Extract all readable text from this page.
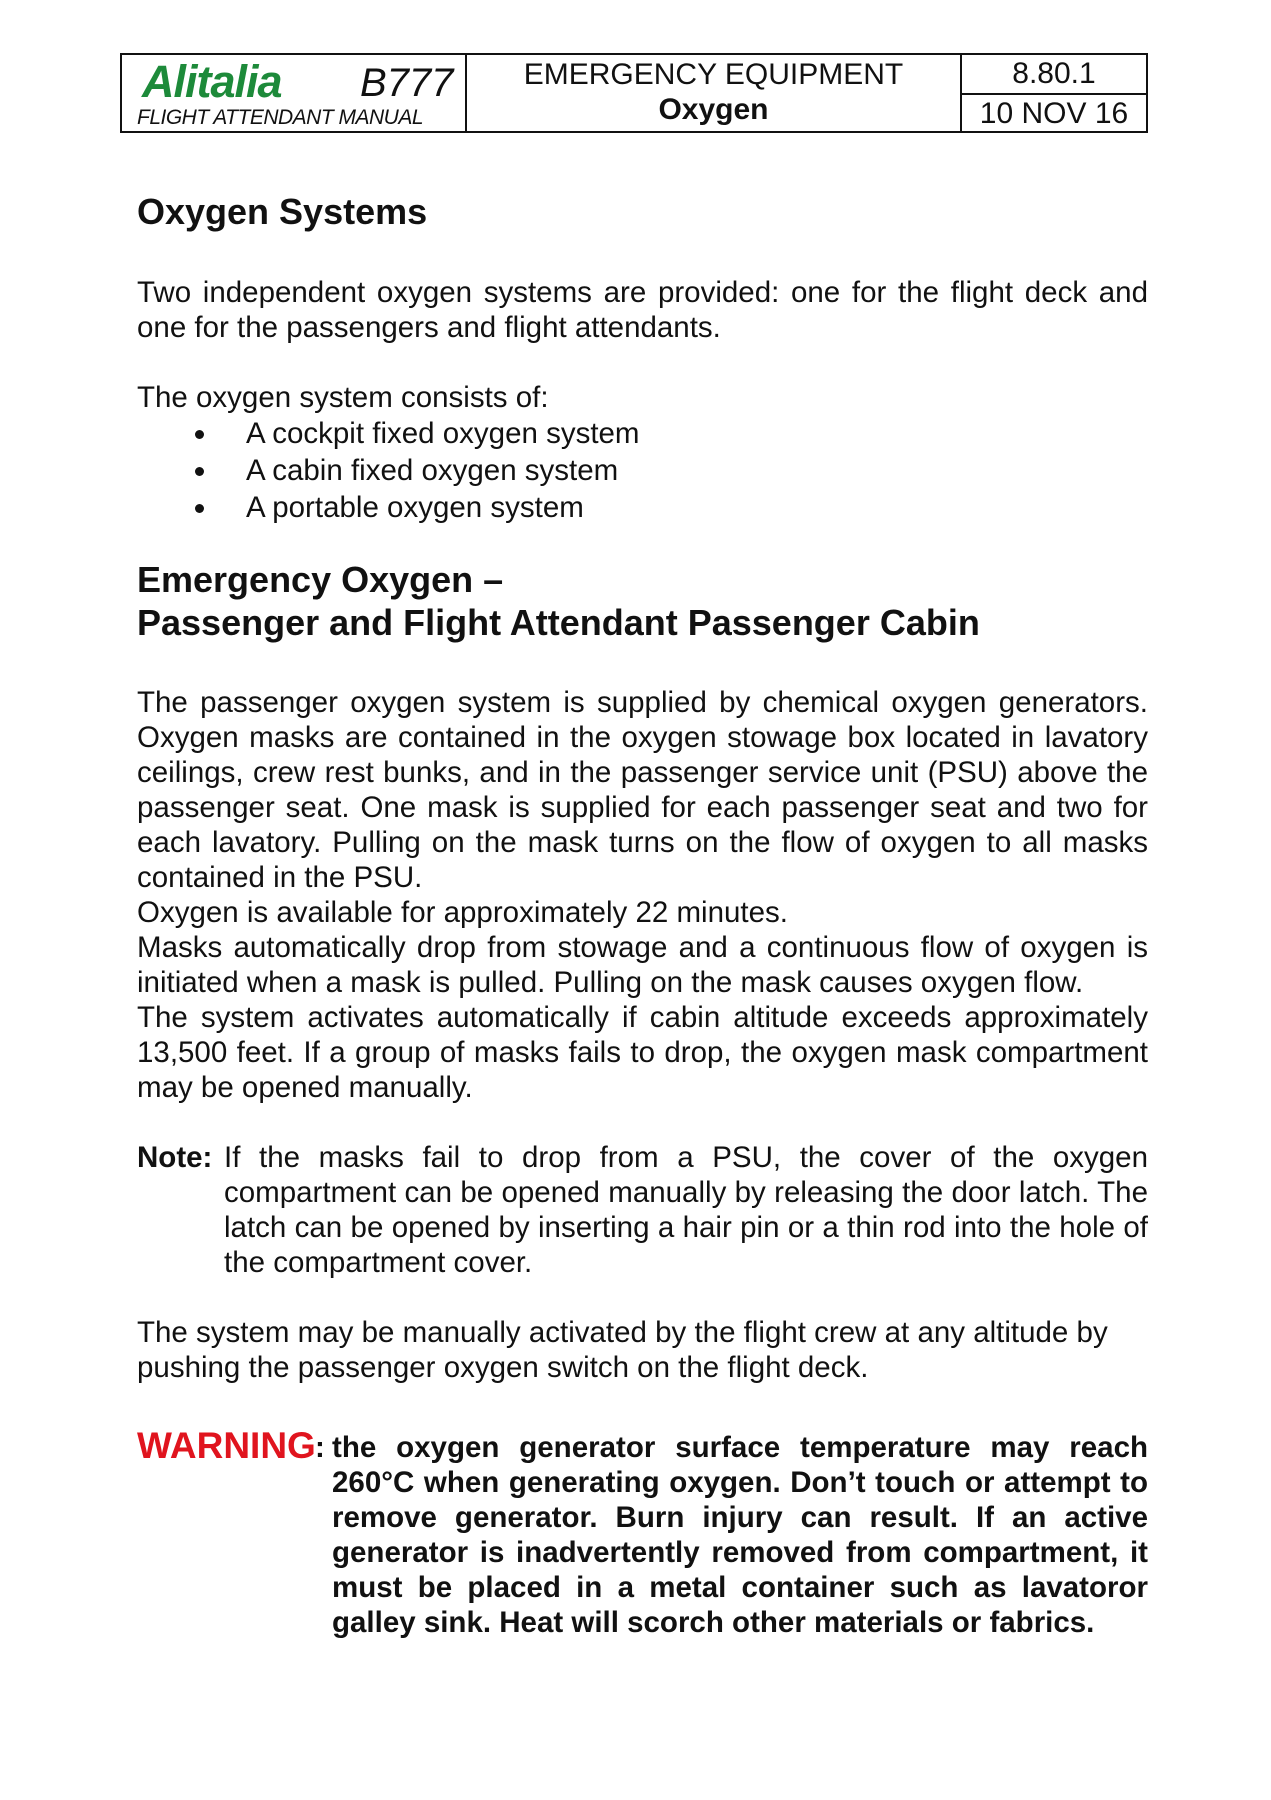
Alitalia B777
FLIGHT ATTENDANT MANUAL
EMERGENCY EQUIPMENT
Oxygen
8.80.1
10 NOV 16
Oxygen Systems
Two independent oxygen systems are provided: one for the flight deck and one for the passengers and flight attendants.
The oxygen system consists of:
A cockpit fixed oxygen system
A cabin fixed oxygen system
A portable oxygen system
Emergency Oxygen –
Passenger and Flight Attendant Passenger Cabin
The passenger oxygen system is supplied by chemical oxygen generators. Oxygen masks are contained in the oxygen stowage box located in lavatory ceilings, crew rest bunks, and in the passenger service unit (PSU) above the passenger seat. One mask is supplied for each passenger seat and two for each lavatory. Pulling on the mask turns on the flow of oxygen to all masks contained in the PSU.
Oxygen is available for approximately 22 minutes.
Masks automatically drop from stowage and a continuous flow of oxygen is initiated when a mask is pulled. Pulling on the mask causes oxygen flow.
The system activates automatically if cabin altitude exceeds approximately 13,500 feet. If a group of masks fails to drop, the oxygen mask compartment may be opened manually.
Note: If the masks fail to drop from a PSU, the cover of the oxygen compartment can be opened manually by releasing the door latch. The latch can be opened by inserting a hair pin or a thin rod into the hole of the compartment cover.
The system may be manually activated by the flight crew at any altitude by pushing the passenger oxygen switch on the flight deck.
WARNING : the oxygen generator surface temperature may reach 260°C when generating oxygen. Don’t touch or attempt to remove generator. Burn injury can result. If an active generator is inadvertently removed from compartment, it must be placed in a metal container such as lavatoror galley sink. Heat will scorch other materials or fabrics.
